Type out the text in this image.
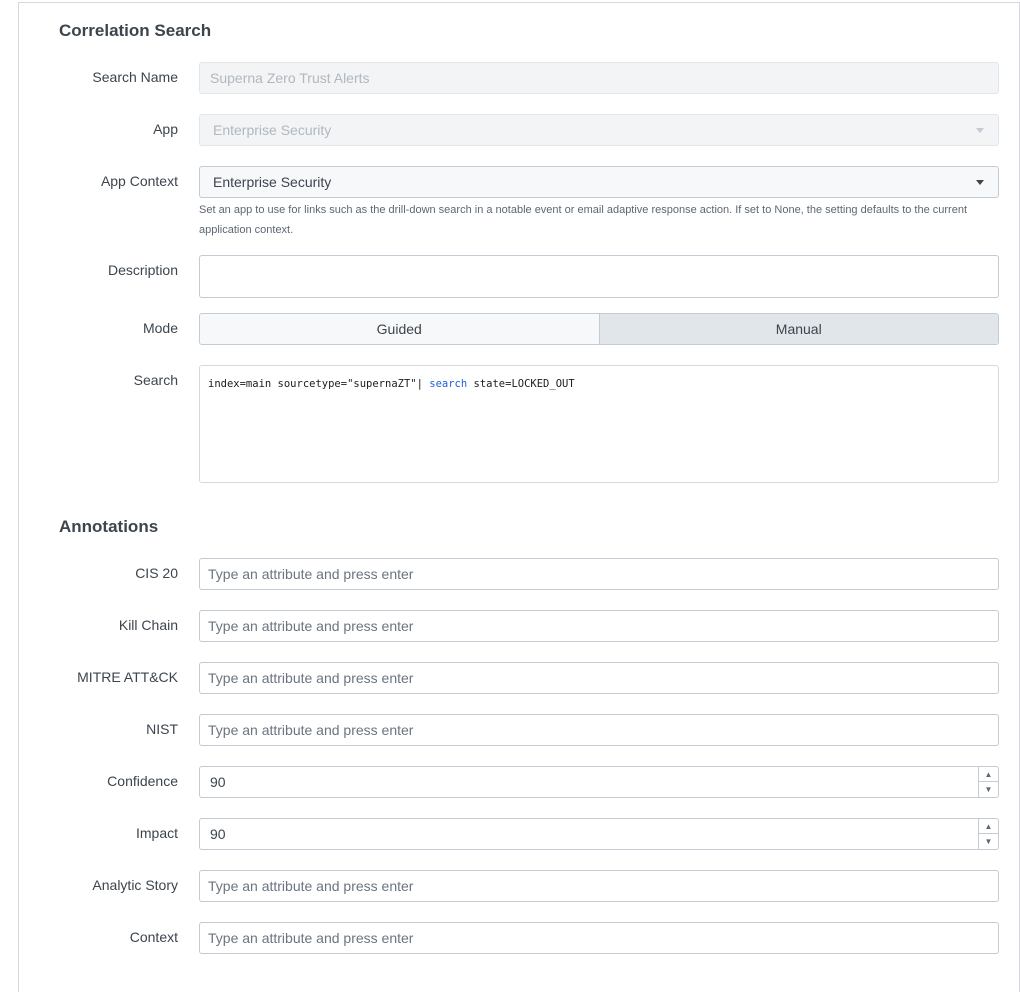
Correlation Search
Search Name Superna Zero Trust Alerts
App	Enterprise Security
App Context	Enterprise Security
Set an app to use for links such as the drill-down search in a notable event or email adaptive response action. If set to None, the setting defaults to the current application context.
Description
Mode	Guided	Manual
Search	index=main sourcetype="supernaZT"| search state=LOCKED_OUT
Annotations
CIS 20 Type an attribute and press enter
Kill Chain Type an attribute and press enter
MITRE ATT&CK Type an attribute and press enter
NIST Type an attribute and press enter
Confidence 90	▲
▼
Impact 90	▲
▼
Analytic Story Type an attribute and press enter
Context Type an attribute and press enter
